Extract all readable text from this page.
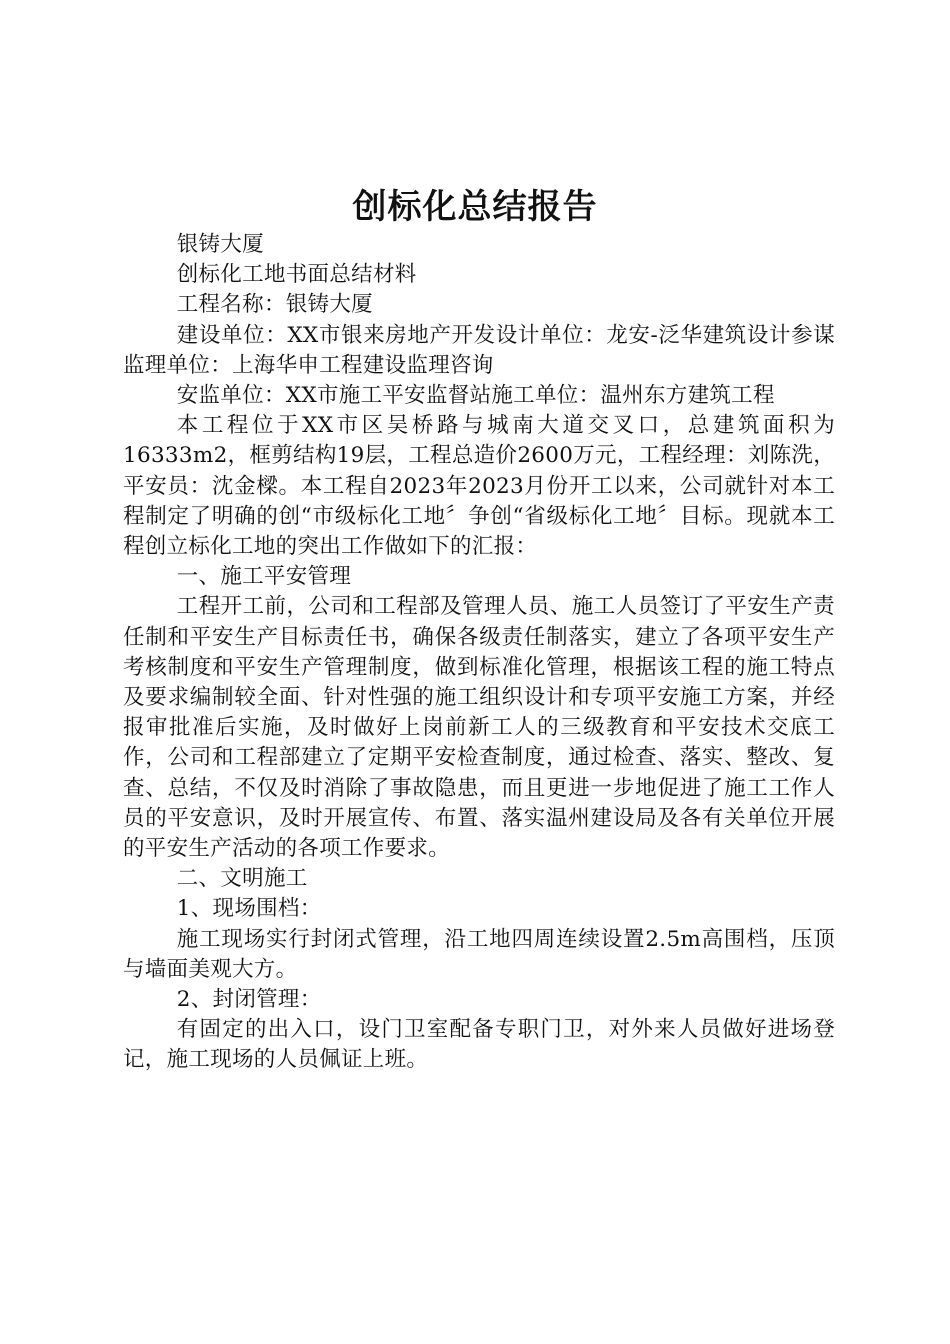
创标化总结报告

银铸大厦

创标化工地书面总结材料

工程名称：银铸大厦

建设单位：XX市银来房地产开发设计单位：龙安-泛华建筑设计参谋监理单位：上海华申工程建设监理咨询

安监单位：XX市施工平安监督站施工单位：温州东方建筑工程

本工程位于XX市区吴桥路与城南大道交叉口，总建筑面积为16333m2，框剪结构19层，工程总造价2600万元，工程经理：刘陈洗，平安员：沈金樑。本工程自2023年2023月份开工以来，公司就针对本工程制定了明确的创“市级标化工地〞争创“省级标化工地〞目标。现就本工程创立标化工地的突出工作做如下的汇报：

一、施工平安管理

工程开工前，公司和工程部及管理人员、施工人员签订了平安生产责任制和平安生产目标责任书，确保各级责任制落实，建立了各项平安生产考核制度和平安生产管理制度，做到标准化管理，根据该工程的施工特点及要求编制较全面、针对性强的施工组织设计和专项平安施工方案，并经报审批准后实施，及时做好上岗前新工人的三级教育和平安技术交底工作，公司和工程部建立了定期平安检查制度，通过检查、落实、整改、复查、总结，不仅及时消除了事故隐患，而且更进一步地促进了施工工作人员的平安意识，及时开展宣传、布置、落实温州建设局及各有关单位开展的平安生产活动的各项工作要求。

二、文明施工

1、现场围档：

施工现场实行封闭式管理，沿工地四周连续设置2.5m高围档，压顶与墙面美观大方。

2、封闭管理：

有固定的出入口，设门卫室配备专职门卫，对外来人员做好进场登记，施工现场的人员佩证上班。
